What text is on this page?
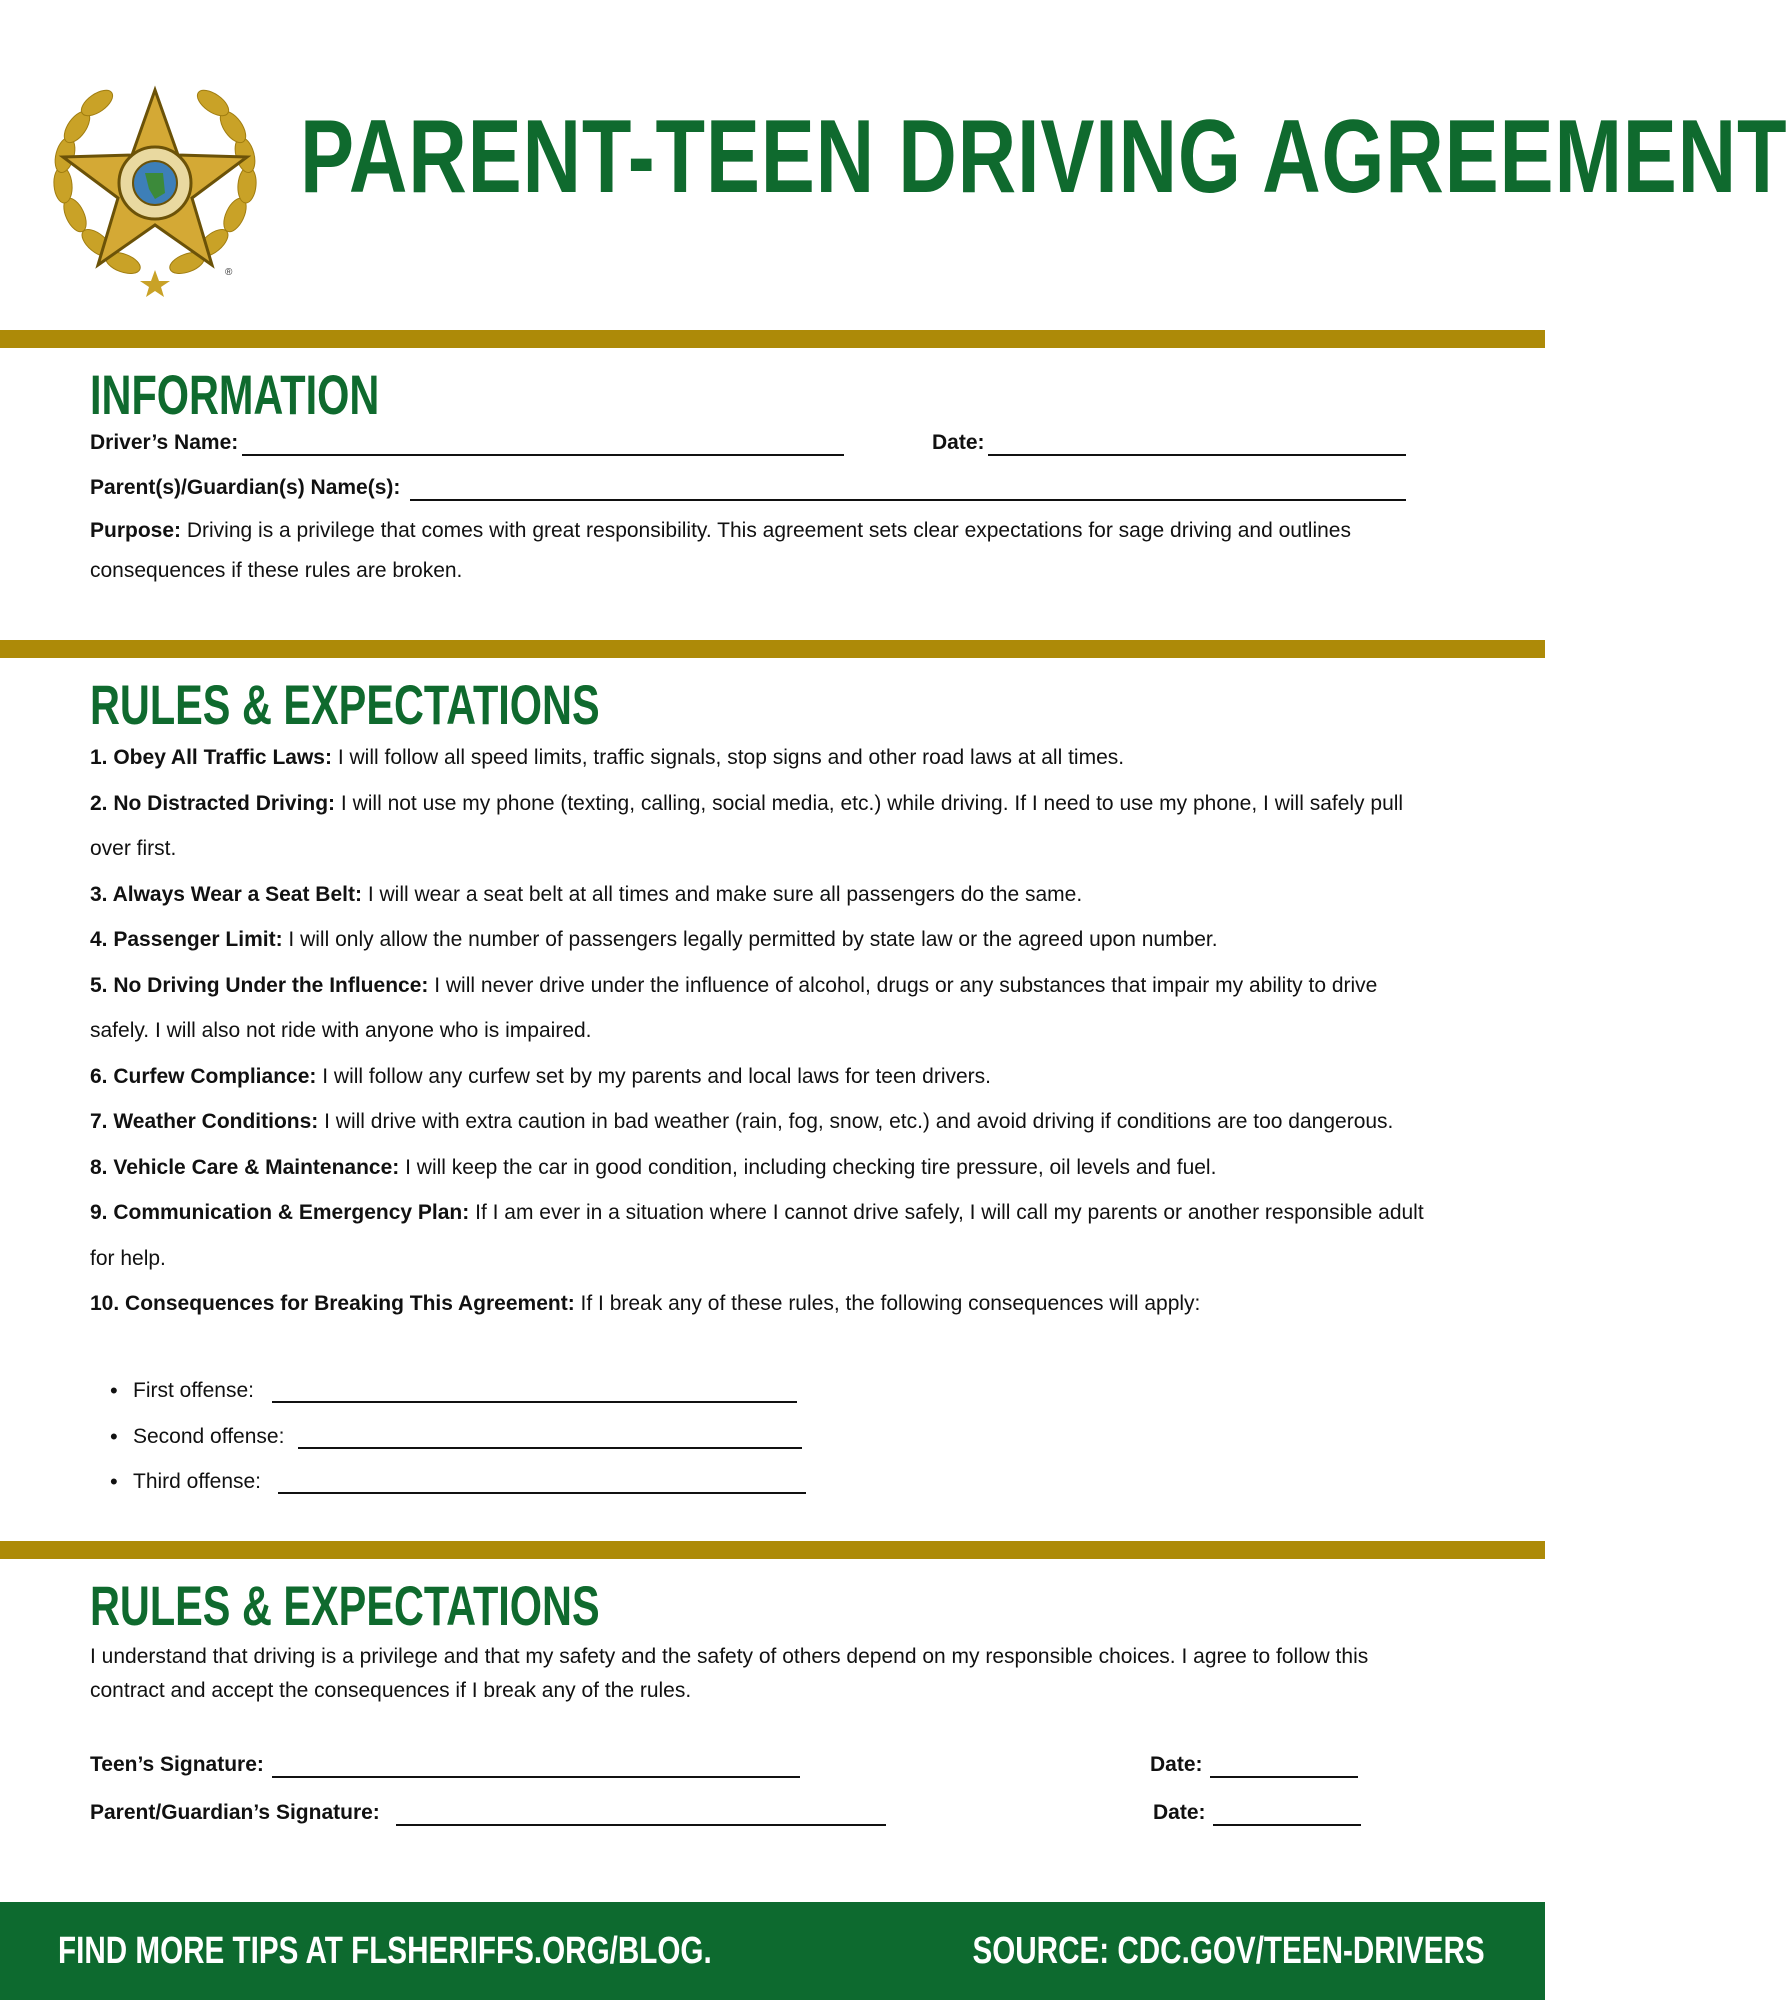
®
PARENT-TEEN DRIVING AGREEMENT
INFORMATION
Driver’s Name:	Date:
Parent(s)/Guardian(s) Name(s):
Purpose: Driving is a privilege that comes with great responsibility. This agreement sets clear expectations for sage driving and outlines consequences if these rules are broken.
RULES & EXPECTATIONS
1. Obey All Traffic Laws: I will follow all speed limits, traffic signals, stop signs and other road laws at all times.
2. No Distracted Driving: I will not use my phone (texting, calling, social media, etc.) while driving. If I need to use my phone, I will safely pull over first.
3. Always Wear a Seat Belt: I will wear a seat belt at all times and make sure all passengers do the same.
4. Passenger Limit: I will only allow the number of passengers legally permitted by state law or the agreed upon number.
5. No Driving Under the Influence: I will never drive under the influence of alcohol, drugs or any substances that impair my ability to drive safely. I will also not ride with anyone who is impaired.
6. Curfew Compliance: I will follow any curfew set by my parents and local laws for teen drivers.
7. Weather Conditions: I will drive with extra caution in bad weather (rain, fog, snow, etc.) and avoid driving if conditions are too dangerous.
8. Vehicle Care & Maintenance: I will keep the car in good condition, including checking tire pressure, oil levels and fuel.
9. Communication & Emergency Plan: If I am ever in a situation where I cannot drive safely, I will call my parents or another responsible adult for help.
10. Consequences for Breaking This Agreement: If I break any of these rules, the following consequences will apply:
• First offense:
• Second offense:
• Third offense:
RULES & EXPECTATIONS
I understand that driving is a privilege and that my safety and the safety of others depend on my responsible choices. I agree to follow this contract and accept the consequences if I break any of the rules.
Teen’s Signature:	Date:
Parent/Guardian’s Signature:	Date:
FIND MORE TIPS AT FLSHERIFFS.ORG/BLOG.	SOURCE: CDC.GOV/TEEN-DRIVERS
